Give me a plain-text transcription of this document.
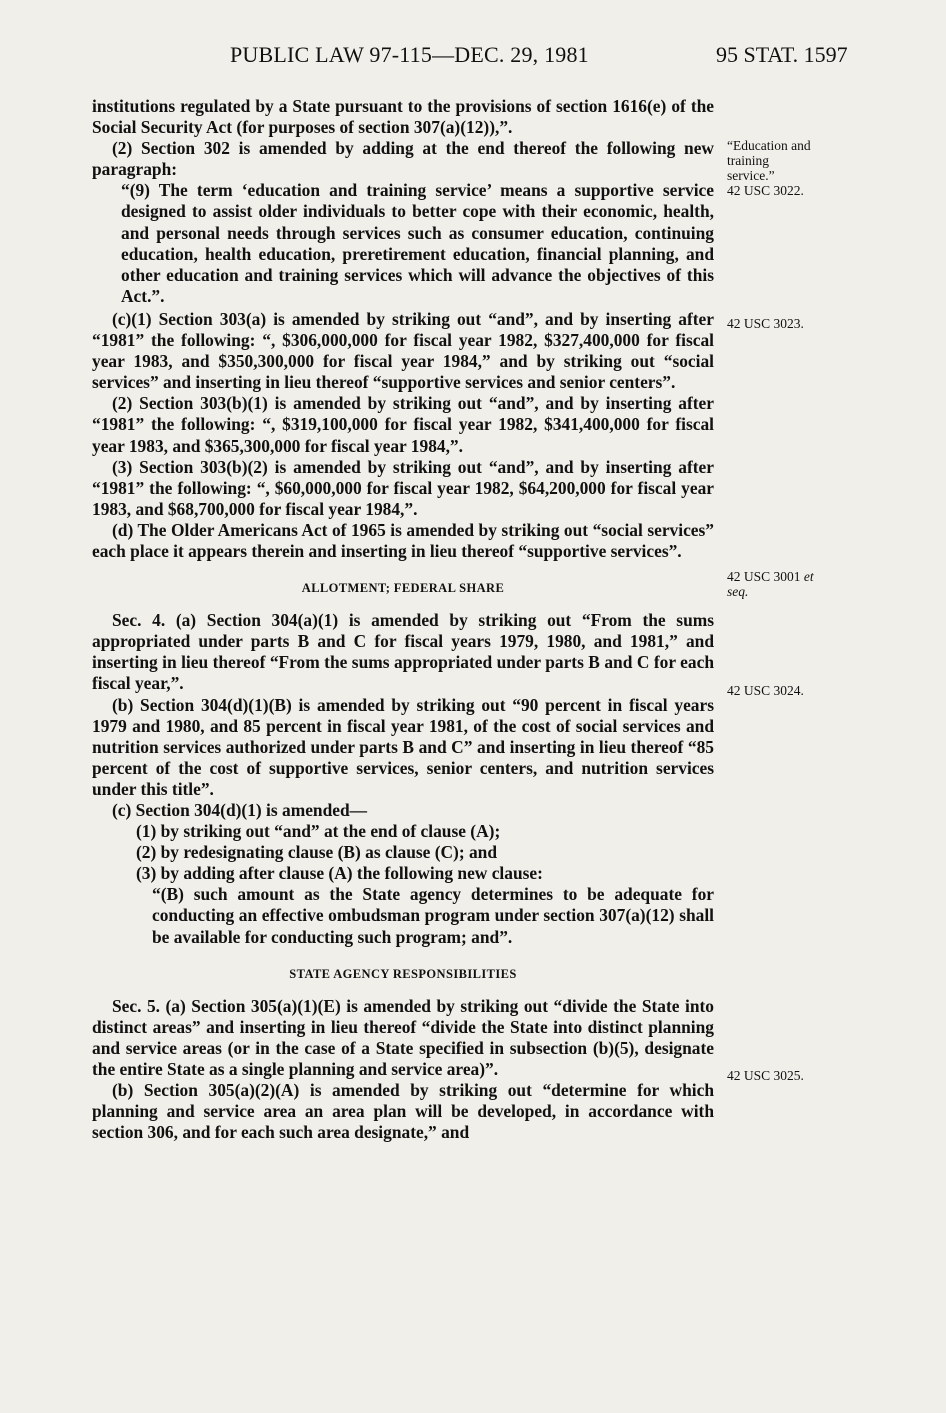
PUBLIC LAW 97-115—DEC. 29, 1981	95 STAT. 1597

institutions regulated by a State pursuant to the provisions of section 1616(e) of the Social Security Act (for purposes of section 307(a)(12)),”.

(2) Section 302 is amended by adding at the end thereof the following new paragraph:

“(9) The term ‘education and training service’ means a supportive service designed to assist older individuals to better cope with their economic, health, and personal needs through services such as consumer education, continuing education, health education, preretirement education, financial planning, and other education and training services which will advance the objectives of this Act.”.

(c)(1) Section 303(a) is amended by striking out “and”, and by inserting after “1981” the following: “, $306,000,000 for fiscal year 1982, $327,400,000 for fiscal year 1983, and $350,300,000 for fiscal year 1984,” and by striking out “social services” and inserting in lieu thereof “supportive services and senior centers”.

(2) Section 303(b)(1) is amended by striking out “and”, and by inserting after “1981” the following: “, $319,100,000 for fiscal year 1982, $341,400,000 for fiscal year 1983, and $365,300,000 for fiscal year 1984,”.

(3) Section 303(b)(2) is amended by striking out “and”, and by inserting after “1981” the following: “, $60,000,000 for fiscal year 1982, $64,200,000 for fiscal year 1983, and $68,700,000 for fiscal year 1984,”.

(d) The Older Americans Act of 1965 is amended by striking out “social services” each place it appears therein and inserting in lieu thereof “supportive services”.

ALLOTMENT; FEDERAL SHARE

Sec. 4. (a) Section 304(a)(1) is amended by striking out “From the sums appropriated under parts B and C for fiscal years 1979, 1980, and 1981,” and inserting in lieu thereof “From the sums appropriated under parts B and C for each fiscal year,”.

(b) Section 304(d)(1)(B) is amended by striking out “90 percent in fiscal years 1979 and 1980, and 85 percent in fiscal year 1981, of the cost of social services and nutrition services authorized under parts B and C” and inserting in lieu thereof “85 percent of the cost of supportive services, senior centers, and nutrition services under this title”.

(c) Section 304(d)(1) is amended—

(1) by striking out “and” at the end of clause (A);

(2) by redesignating clause (B) as clause (C); and

(3) by adding after clause (A) the following new clause:

“(B) such amount as the State agency determines to be adequate for conducting an effective ombudsman program under section 307(a)(12) shall be available for conducting such program; and”.

STATE AGENCY RESPONSIBILITIES

Sec. 5. (a) Section 305(a)(1)(E) is amended by striking out “divide the State into distinct areas” and inserting in lieu thereof “divide the State into distinct planning and service areas (or in the case of a State specified in subsection (b)(5), designate the entire State as a single planning and service area)”.

(b) Section 305(a)(2)(A) is amended by striking out “determine for which planning and service area an area plan will be developed, in accordance with section 306, and for each such area designate,” and

“Education and
training
service.”
42 USC 3022.
42 USC 3023.
42 USC 3001 et
seq.
42 USC 3024.
42 USC 3025.
